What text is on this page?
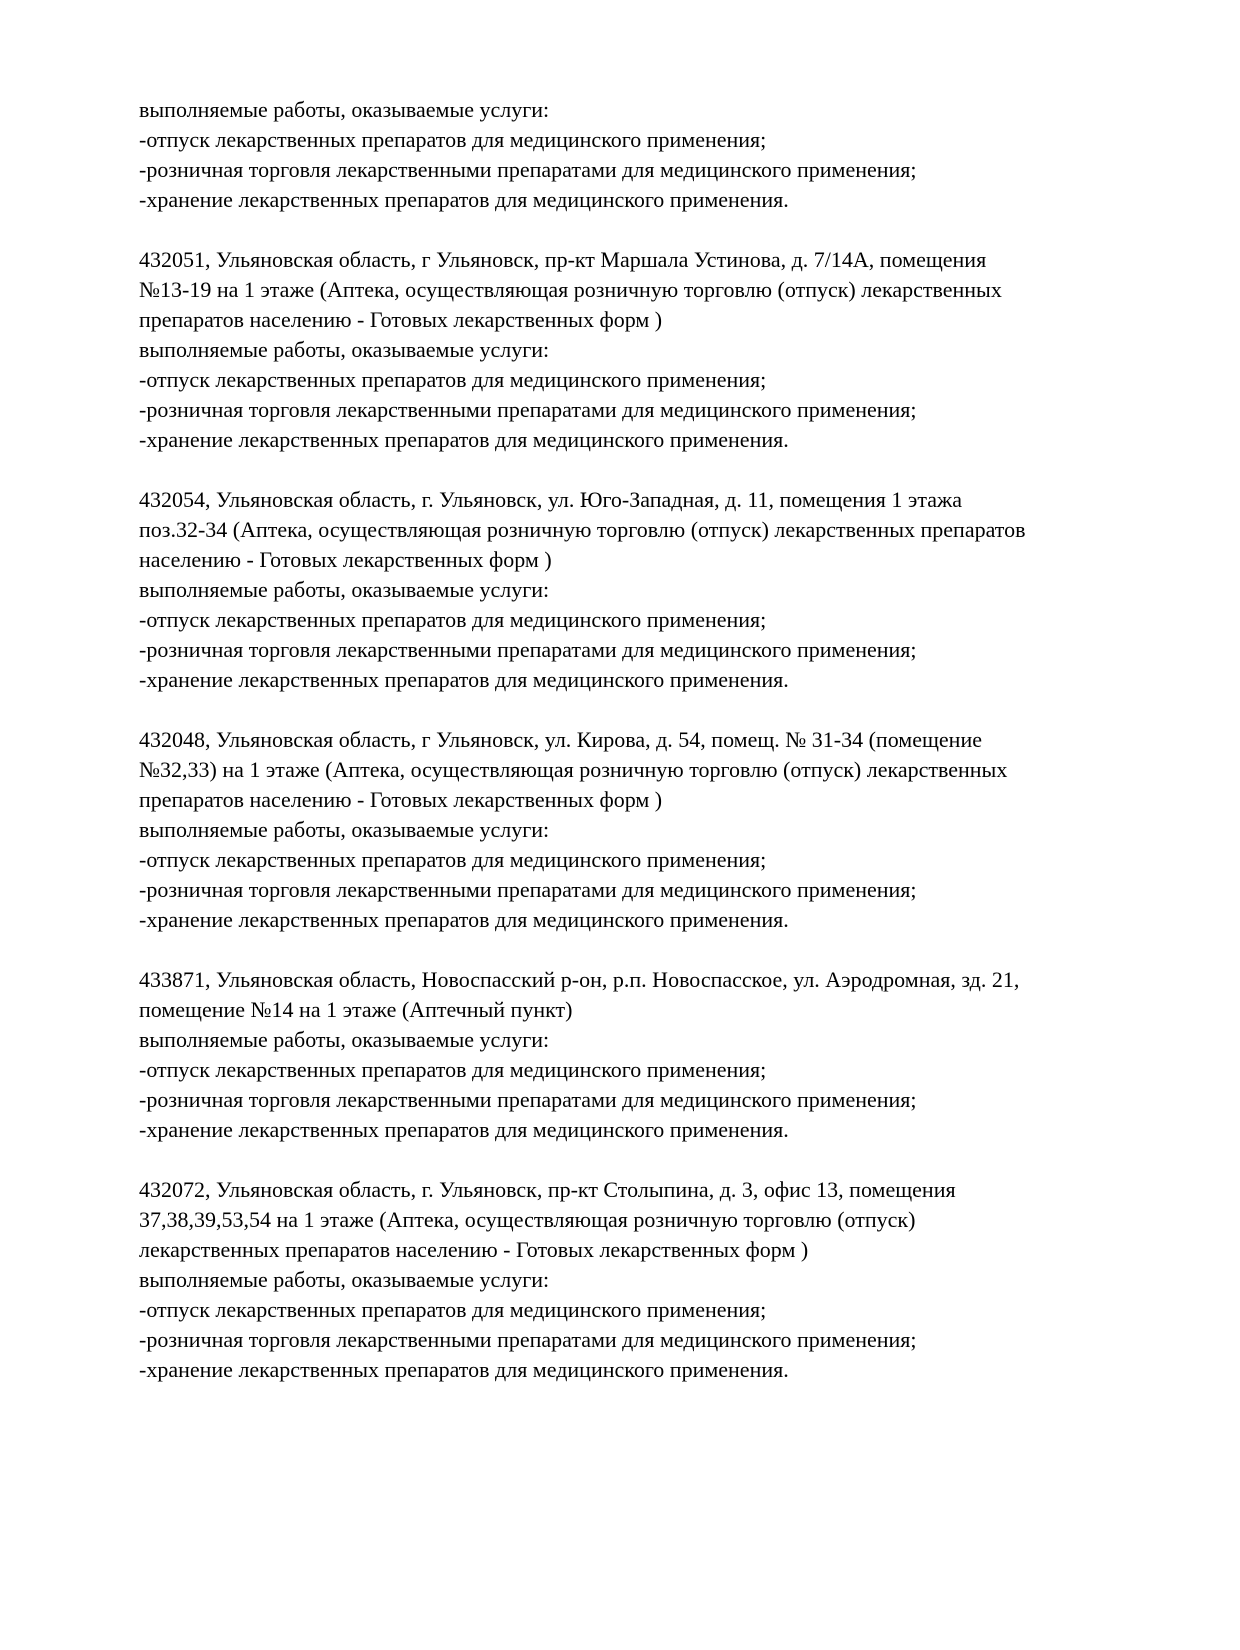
выполняемые работы, оказываемые услуги:
-отпуск лекарственных препаратов для медицинского применения;
-розничная торговля лекарственными препаратами для медицинского применения;
-хранение лекарственных препаратов для медицинского применения.
432051, Ульяновская область, г Ульяновск, пр-кт Маршала Устинова, д. 7/14А, помещения
№13-19 на 1 этаже (Аптека, осуществляющая розничную торговлю (отпуск) лекарственных
препаратов населению - Готовых лекарственных форм )
выполняемые работы, оказываемые услуги:
-отпуск лекарственных препаратов для медицинского применения;
-розничная торговля лекарственными препаратами для медицинского применения;
-хранение лекарственных препаратов для медицинского применения.
432054, Ульяновская область, г. Ульяновск, ул. Юго-Западная, д. 11, помещения 1 этажа
поз.32-34 (Аптека, осуществляющая розничную торговлю (отпуск) лекарственных препаратов
населению - Готовых лекарственных форм )
выполняемые работы, оказываемые услуги:
-отпуск лекарственных препаратов для медицинского применения;
-розничная торговля лекарственными препаратами для медицинского применения;
-хранение лекарственных препаратов для медицинского применения.
432048, Ульяновская область, г Ульяновск, ул. Кирова, д. 54, помещ. № 31-34 (помещение
№32,33) на 1 этаже (Аптека, осуществляющая розничную торговлю (отпуск) лекарственных
препаратов населению - Готовых лекарственных форм )
выполняемые работы, оказываемые услуги:
-отпуск лекарственных препаратов для медицинского применения;
-розничная торговля лекарственными препаратами для медицинского применения;
-хранение лекарственных препаратов для медицинского применения.
433871, Ульяновская область, Новоспасский р-он, р.п. Новоспасское, ул. Аэродромная, зд. 21,
помещение №14 на 1 этаже (Аптечный пункт)
выполняемые работы, оказываемые услуги:
-отпуск лекарственных препаратов для медицинского применения;
-розничная торговля лекарственными препаратами для медицинского применения;
-хранение лекарственных препаратов для медицинского применения.
432072, Ульяновская область, г. Ульяновск, пр-кт Столыпина, д. 3, офис 13, помещения
37,38,39,53,54 на 1 этаже (Аптека, осуществляющая розничную торговлю (отпуск)
лекарственных препаратов населению - Готовых лекарственных форм )
выполняемые работы, оказываемые услуги:
-отпуск лекарственных препаратов для медицинского применения;
-розничная торговля лекарственными препаратами для медицинского применения;
-хранение лекарственных препаратов для медицинского применения.
